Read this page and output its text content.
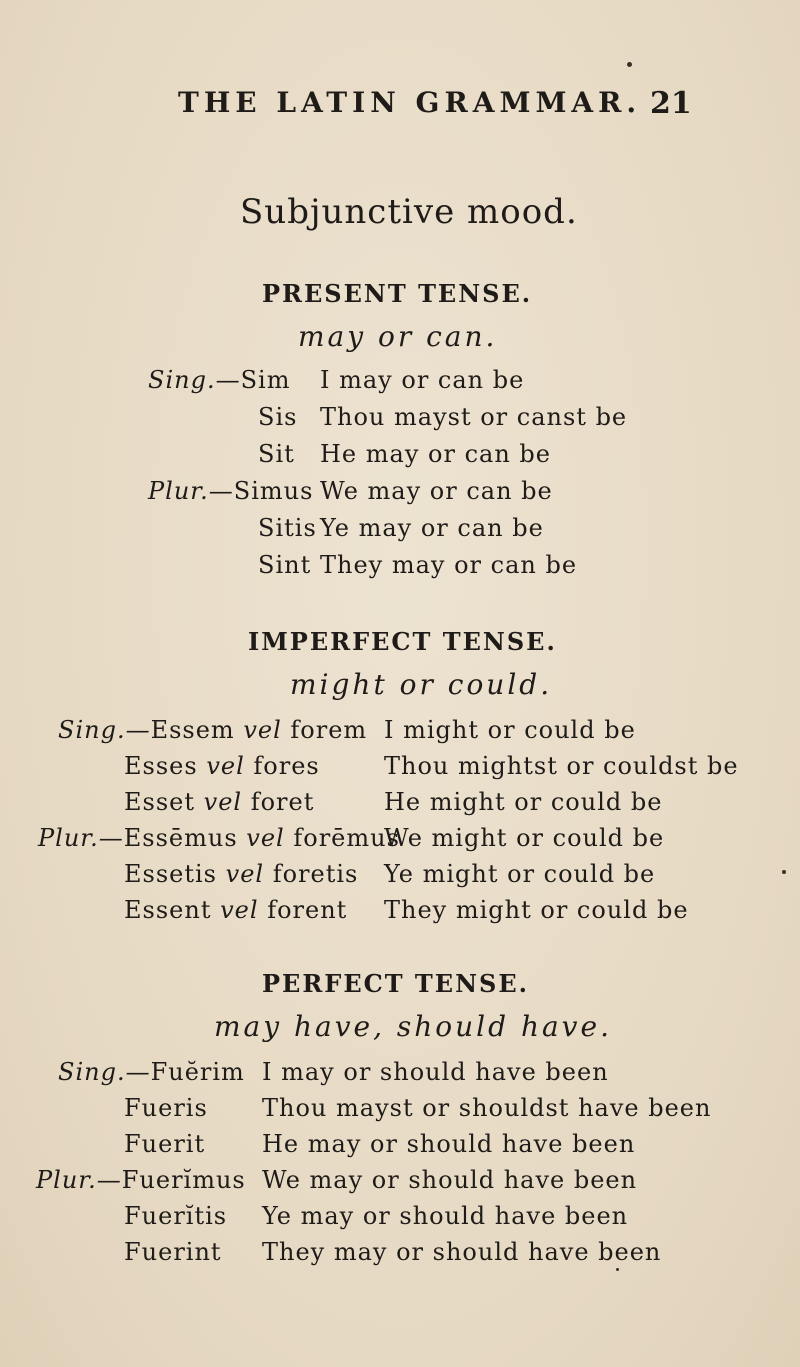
THE LATIN GRAMMAR. 21
Subjunctive mood.
PRESENT TENSE.
may or can.
Sing.—Sim I may or can be
Sis Thou mayst or canst be
Sit He may or can be
Plur.—Simus We may or can be
Sitis Ye may or can be
Sint They may or can be
IMPERFECT TENSE.
might or could.
Sing.—Essem vel forem I might or could be
Esses vel fores	Thou mightst or couldst be
Esset vel foret	He might or could be
Plur.—Essēmus vel forēmus
We might or could be
Essetis vel foretis Ye might or could be
Essent vel forent They might or could be
PERFECT TENSE.
may have, should have.
Sing.—Fuĕrim I may or should have been
Fueris Thou mayst or shouldst have been
Fuerit He may or should have been
Plur.—Fuerĭmus We may or should have been
Fuerĭtis Ye may or should have been
Fuerint They may or should have been
